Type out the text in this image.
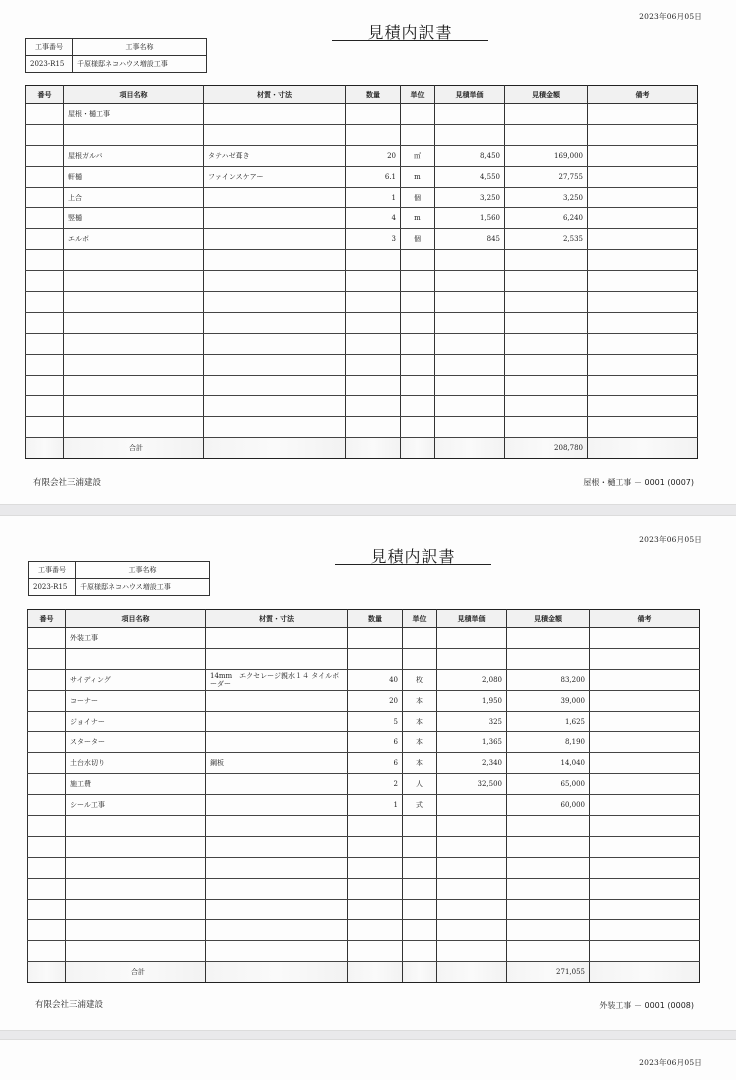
2023年06月05日
見積内訳書
工事番号	工事名称
2023-R15	千原様邸ネコハウス増設工事
番号	項目名称	材質・寸法	数量	単位	見積単価	見積金額	備考
	屋根・樋工事						

	屋根ガルバ	タテハゼ葺き	20	㎡	8,450	169,000	
	軒樋	ファインスケアー	6.1	m	4,550	27,755	
	上合		1	個	3,250	3,250	
	竪樋		4	m	1,560	6,240	
	エルボ		3	個	845	2,535	

	合計					208,780	
有限会社三浦建設	屋根・樋工事 － 0001 (0007)
2023年06月05日
見積内訳書
工事番号	工事名称
2023-R15	千原様邸ネコハウス増設工事
番号	項目名称	材質・寸法	数量	単位	見積単価	見積金額	備考
	外装工事						

	サイディング	14mm　エクセレージ親水１４ タイルボーダー	40	枚	2,080	83,200	
	コーナー		20	本	1,950	39,000	
	ジョイナー		5	本	325	1,625	
	スターター		6	本	1,365	8,190	
	土台水切り	鋼板	6	本	2,340	14,040	
	施工費		2	人	32,500	65,000	
	シール工事		1	式		60,000	

	合計					271,055	
有限会社三浦建設	外装工事 － 0001 (0008)
2023年06月05日
